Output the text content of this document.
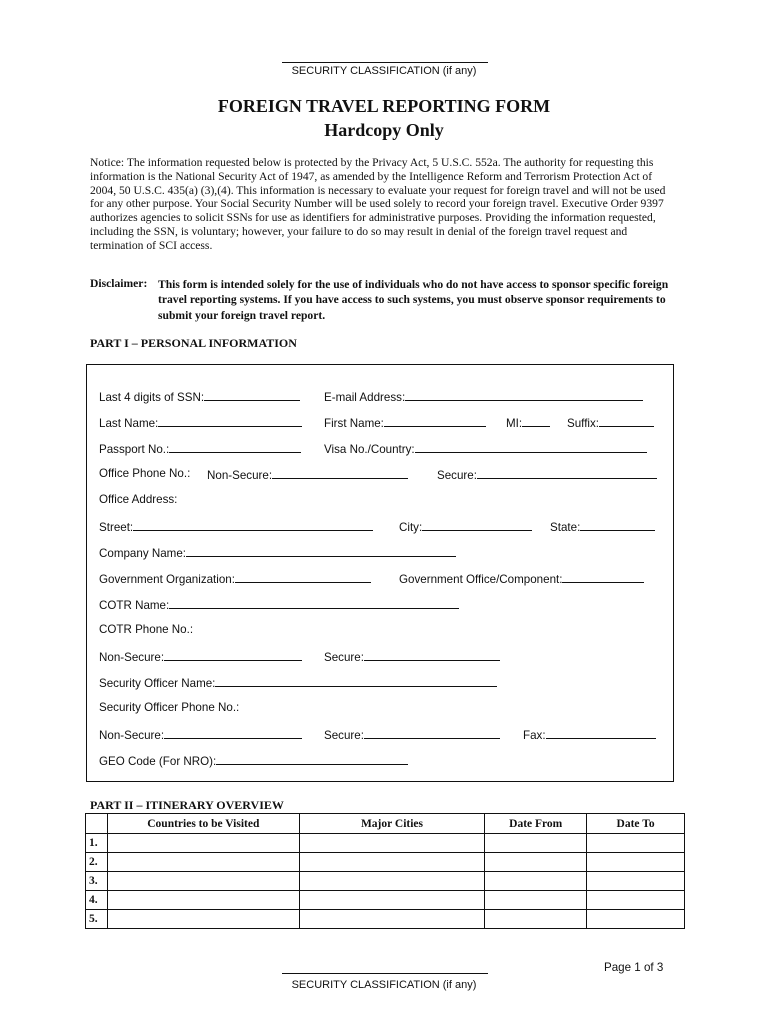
SECURITY CLASSIFICATION (if any)
FOREIGN TRAVEL REPORTING FORM
Hardcopy Only
Notice: The information requested below is protected by the Privacy Act, 5 U.S.C. 552a. The authority for requesting this information is the National Security Act of 1947, as amended by the Intelligence Reform and Terrorism Protection Act of 2004, 50 U.S.C. 435(a) (3),(4). This information is necessary to evaluate your request for foreign travel and will not be used for any other purpose. Your Social Security Number will be used solely to record your foreign travel. Executive Order 9397 authorizes agencies to solicit SSNs for use as identifiers for administrative purposes. Providing the information requested, including the SSN, is voluntary; however, your failure to do so may result in denial of the foreign travel request and termination of SCI access.
Disclaimer: This form is intended solely for the use of individuals who do not have access to sponsor specific foreign travel reporting systems. If you have access to such systems, you must observe sponsor requirements to submit your foreign travel report.
PART I – PERSONAL INFORMATION
Last 4 digits of SSN:	E-mail Address:
Last Name:	First Name:	MI:	Suffix:
Passport No.:	Visa No./Country:
Office Phone No.: Non-Secure:	Secure:
Office Address:
Street:	City:	State:
Company Name:
Government Organization:	Government Office/Component:
COTR Name:
COTR Phone No.:
Non-Secure:	Secure:
Security Officer Name:
Security Officer Phone No.:
Non-Secure:	Secure:	Fax:
GEO Code (For NRO):
PART II – ITINERARY OVERVIEW
	Countries to be Visited	Major Cities	Date From	Date To
1.				
2.				
3.				
4.				
5.				
Page 1 of 3
SECURITY CLASSIFICATION (if any)
